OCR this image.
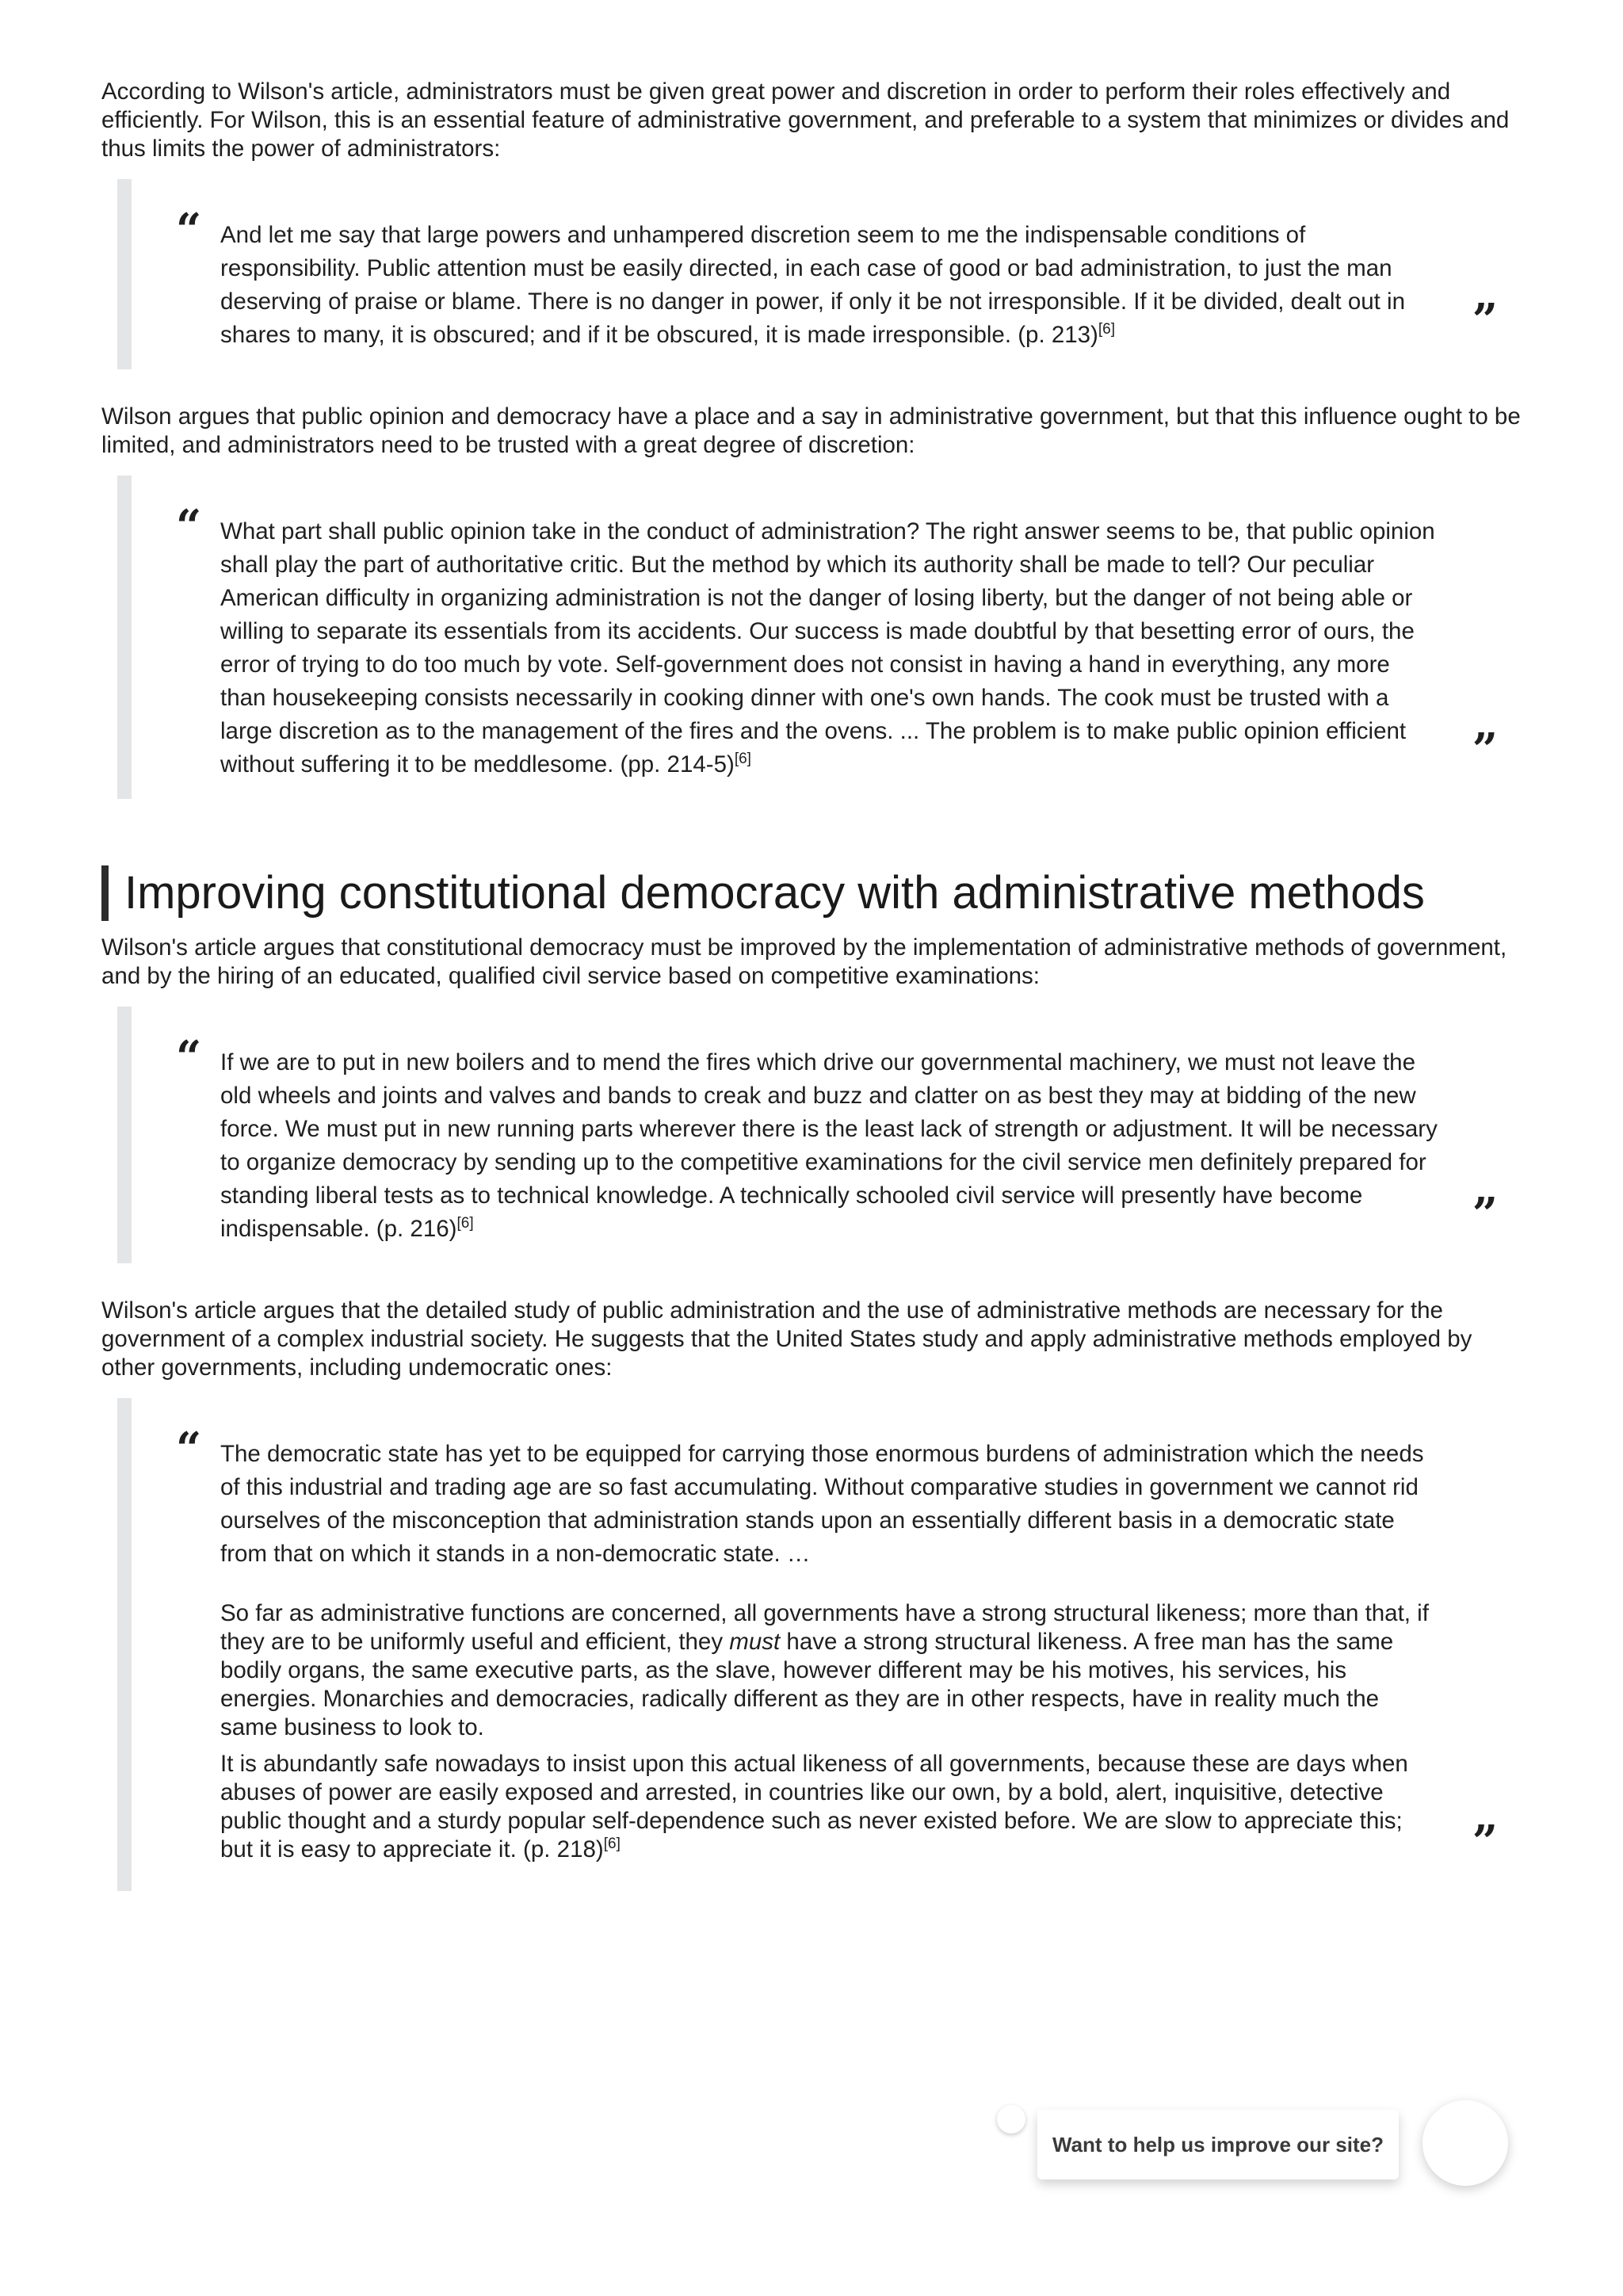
According to Wilson's article, administrators must be given great power and discretion in order to perform their roles effectively and efficiently. For Wilson, this is an essential feature of administrative government, and preferable to a system that minimizes or divides and thus limits the power of administrators:

“ And let me say that large powers and unhampered discretion seem to me the indispensable conditions of responsibility. Public attention must be easily directed, in each case of good or bad administration, to just the man deserving of praise or blame. There is no danger in power, if only it be not irresponsible. If it be divided, dealt out in shares to many, it is obscured; and if it be obscured, it is made irresponsible. (p. 213)[6]	”

Wilson argues that public opinion and democracy have a place and a say in administrative government, but that this influence ought to be limited, and administrators need to be trusted with a great degree of discretion:

“ What part shall public opinion take in the conduct of administration? The right answer seems to be, that public opinion shall play the part of authoritative critic. But the method by which its authority shall be made to tell? Our peculiar American difficulty in organizing administration is not the danger of losing liberty, but the danger of not being able or willing to separate its essentials from its accidents. Our success is made doubtful by that besetting error of ours, the error of trying to do too much by vote. Self-government does not consist in having a hand in everything, any more than housekeeping consists necessarily in cooking dinner with one's own hands. The cook must be trusted with a large discretion as to the management of the fires and the ovens. ... The problem is to make public opinion efficient without suffering it to be meddlesome. (pp. 214-5)[6]	”
Improving constitutional democracy with administrative methods

Wilson's article argues that constitutional democracy must be improved by the implementation of administrative methods of government, and by the hiring of an educated, qualified civil service based on competitive examinations:

“ If we are to put in new boilers and to mend the fires which drive our governmental machinery, we must not leave the old wheels and joints and valves and bands to creak and buzz and clatter on as best they may at bidding of the new force. We must put in new running parts wherever there is the least lack of strength or adjustment. It will be necessary to organize democracy by sending up to the competitive examinations for the civil service men definitely prepared for standing liberal tests as to technical knowledge. A technically schooled civil service will presently have become indispensable. (p. 216)[6]	”

Wilson's article argues that the detailed study of public administration and the use of administrative methods are necessary for the government of a complex industrial society. He suggests that the United States study and apply administrative methods employed by other governments, including undemocratic ones:

“ The democratic state has yet to be equipped for carrying those enormous burdens of administration which the needs of this industrial and trading age are so fast accumulating. Without comparative studies in government we cannot rid ourselves of the misconception that administration stands upon an essentially different basis in a democratic state from that on which it stands in a non-democratic state. …

So far as administrative functions are concerned, all governments have a strong structural likeness; more than that, if they are to be uniformly useful and efficient, they must have a strong structural likeness. A free man has the same bodily organs, the same executive parts, as the slave, however different may be his motives, his services, his energies. Monarchies and democracies, radically different as they are in other respects, have in reality much the same business to look to.

It is abundantly safe nowadays to insist upon this actual likeness of all governments, because these are days when abuses of power are easily exposed and arrested, in countries like our own, by a bold, alert, inquisitive, detective public thought and a sturdy popular self-dependence such as never existed before. We are slow to appreciate this; but it is easy to appreciate it. (p. 218)[6]	”
Want to help us improve our site?
